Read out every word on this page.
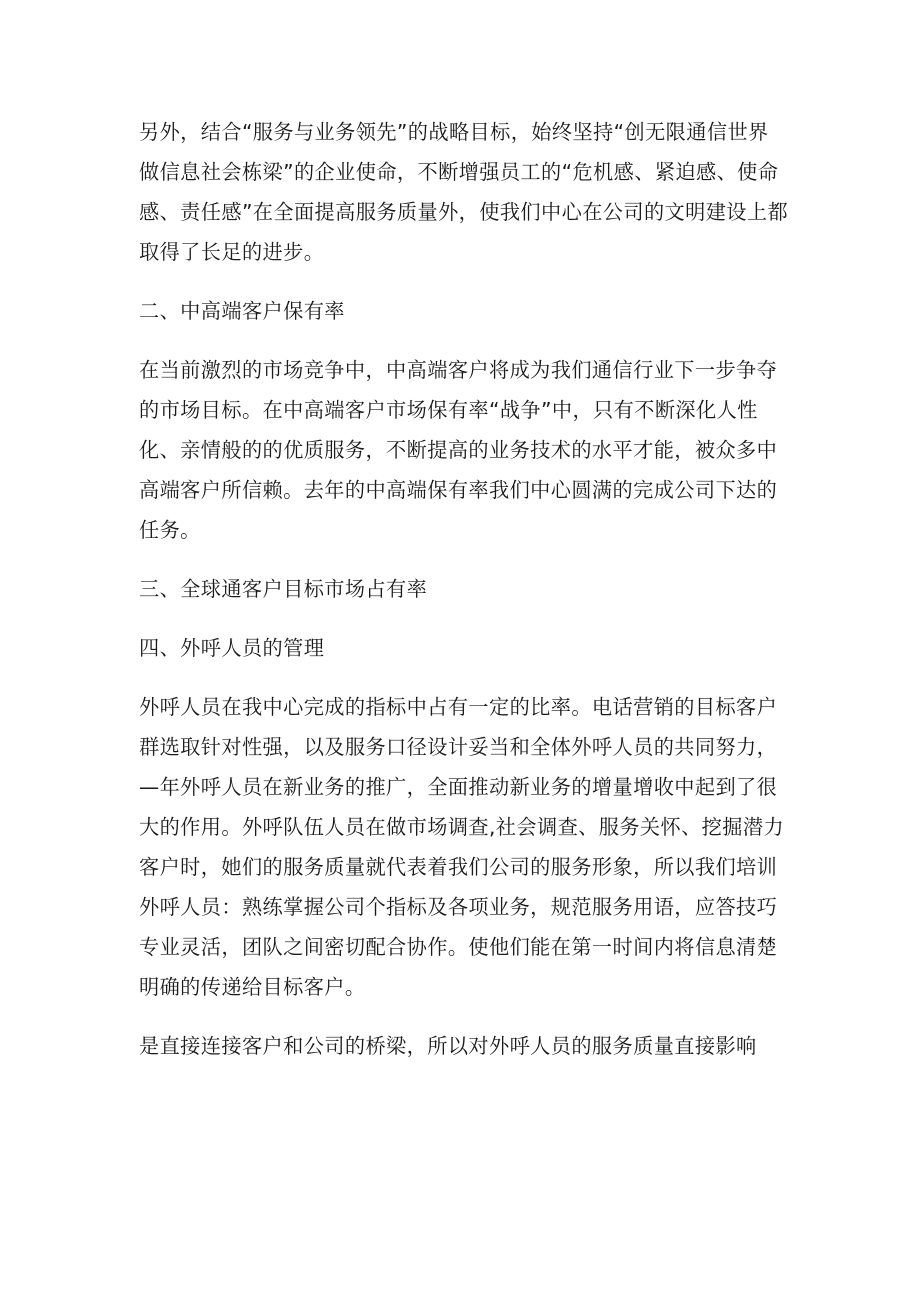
另外，结合“服务与业务领先”的战略目标，始终坚持“创无限通信世界做信息社会栋梁”的企业使命，不断增强员工的“危机感、紧迫感、使命感、责任感”在全面提高服务质量外，使我们中心在公司的文明建设上都取得了长足的进步。

二、中高端客户保有率

在当前激烈的市场竞争中，中高端客户将成为我们通信行业下一步争夺的市场目标。在中高端客户市场保有率“战争”中，只有不断深化人性化、亲情般的的优质服务，不断提高的业务技术的水平才能，被众多中高端客户所信赖。去年的中高端保有率我们中心圆满的完成公司下达的任务。

三、全球通客户目标市场占有率

四、外呼人员的管理

外呼人员在我中心完成的指标中占有一定的比率。电话营销的目标客户群选取针对性强，以及服务口径设计妥当和全体外呼人员的共同努力，—年外呼人员在新业务的推广，全面推动新业务的增量增收中起到了很大的作用。外呼队伍人员在做市场调查,社会调查、服务关怀、挖掘潜力客户时，她们的服务质量就代表着我们公司的服务形象，所以我们培训外呼人员：熟练掌握公司个指标及各项业务，规范服务用语，应答技巧专业灵活，团队之间密切配合协作。使他们能在第一时间内将信息清楚明确的传递给目标客户。

是直接连接客户和公司的桥梁，所以对外呼人员的服务质量直接影响
